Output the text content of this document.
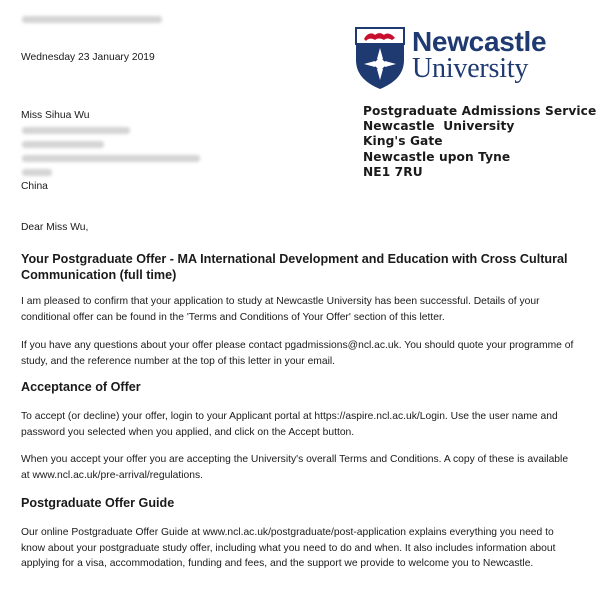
Wednesday 23 January 2019
Newcastle
University
Miss Sihua Wu
China
Postgraduate Admissions Service
Newcastle  University
King's Gate
Newcastle upon Tyne
NE1 7RU
Dear Miss Wu,
Your Postgraduate Offer - MA International Development and Education with Cross Cultural Communication (full time)
I am pleased to confirm that your application to study at Newcastle University has been successful. Details of your conditional offer can be found in the 'Terms and Conditions of Your Offer' section of this letter.
If you have any questions about your offer please contact pgadmissions@ncl.ac.uk. You should quote your programme of study, and the reference number at the top of this letter in your email.
Acceptance of Offer
To accept (or decline) your offer, login to your Applicant portal at https://aspire.ncl.ac.uk/Login. Use the user name and password you selected when you applied, and click on the Accept button.
When you accept your offer you are accepting the University's overall Terms and Conditions. A copy of these is available at www.ncl.ac.uk/pre-arrival/regulations.
Postgraduate Offer Guide
Our online Postgraduate Offer Guide at www.ncl.ac.uk/postgraduate/post-application explains everything you need to know about your postgraduate study offer, including what you need to do and when. It also includes information about applying for a visa, accommodation, funding and fees, and the support we provide to welcome you to Newcastle.
